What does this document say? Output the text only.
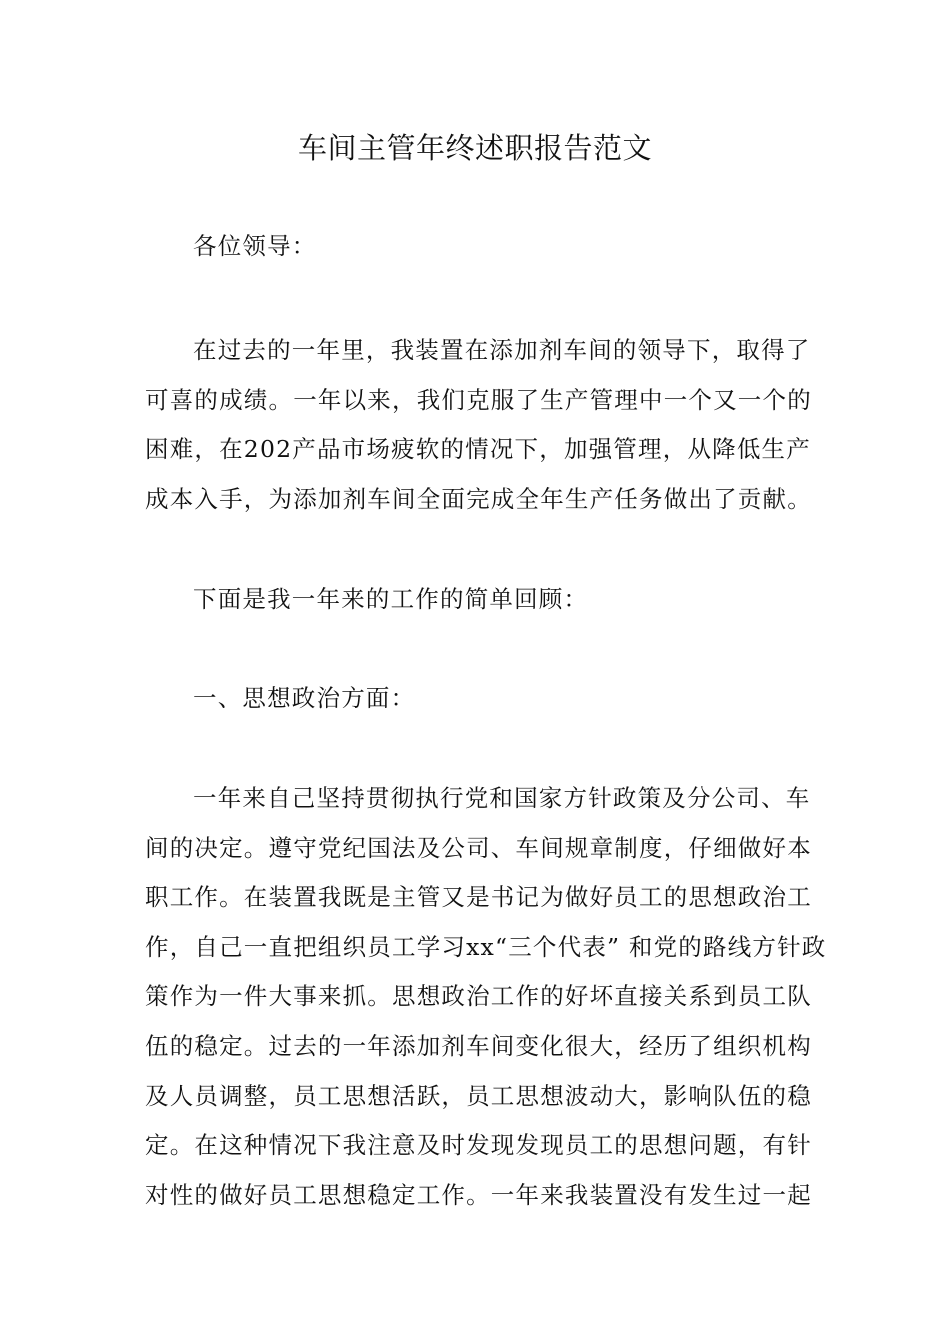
车间主管年终述职报告范文
各位领导：
在过去的一年里，我装置在添加剂车间的领导下，取得了
可喜的成绩。一年以来，我们克服了生产管理中一个又一个的
困难，在202产品市场疲软的情况下，加强管理，从降低生产
成本入手，为添加剂车间全面完成全年生产任务做出了贡献。
下面是我一年来的工作的简单回顾：
一、思想政治方面：
一年来自己坚持贯彻执行党和国家方针政策及分公司、车
间的决定。遵守党纪国法及公司、车间规章制度，仔细做好本
职工作。在装置我既是主管又是书记为做好员工的思想政治工
作，自己一直把组织员工学习xx“三个代表” 和党的路线方针政
策作为一件大事来抓。思想政治工作的好坏直接关系到员工队
伍的稳定。过去的一年添加剂车间变化很大，经历了组织机构
及人员调整，员工思想活跃，员工思想波动大，影响队伍的稳
定。在这种情况下我注意及时发现发现员工的思想问题，有针
对性的做好员工思想稳定工作。一年来我装置没有发生过一起
